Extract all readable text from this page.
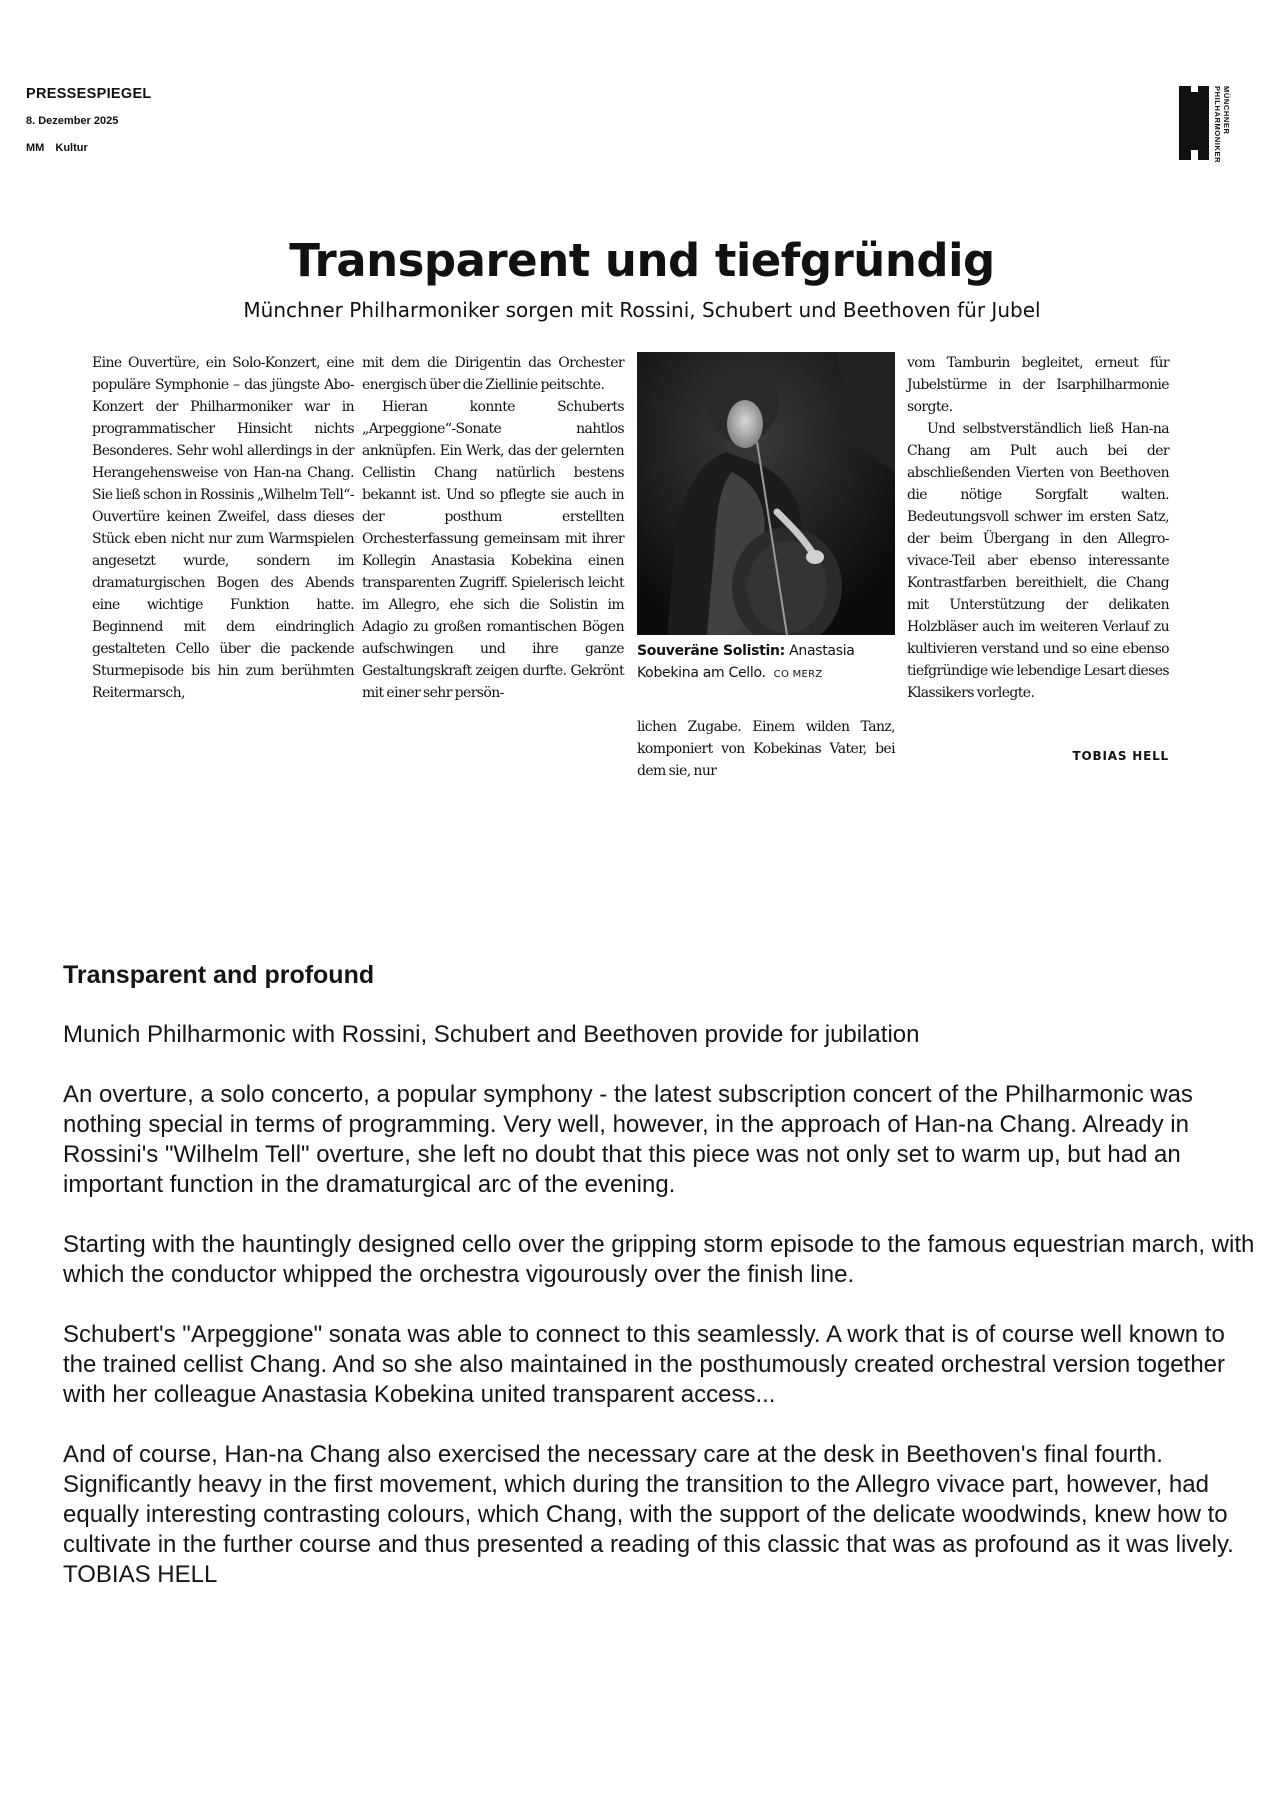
PRESSESPIEGEL
8. Dezember 2025
MM Kultur
MÜNCHNER
PHILHARMONIKER
Transparent und tiefgründig
Münchner Philharmoniker sorgen mit Rossini, Schubert und Beethoven für Jubel

Eine Ouvertüre, ein Solo-Konzert, eine populäre Symphonie – das jüngste Abo-Konzert der Philharmoniker war in programmatischer Hinsicht nichts Besonderes. Sehr wohl allerdings in der Herangehensweise von Han-na Chang. Sie ließ schon in Rossinis „Wilhelm Tell“-Ouvertüre keinen Zweifel, dass dieses Stück eben nicht nur zum Warmspielen angesetzt wurde, sondern im dramaturgischen Bogen des Abends eine wichtige Funktion hatte. Beginnend mit dem eindringlich gestalteten Cello über die packende Sturmepisode bis hin zum berühmten Reitermarsch,

mit dem die Dirigentin das Orchester energisch über die Ziellinie peitschte.

Hieran konnte Schuberts „Arpeggione“-Sonate nahtlos anknüpfen. Ein Werk, das der gelernten Cellistin Chang natürlich bestens bekannt ist. Und so pflegte sie auch in der posthum erstellten Orchesterfassung gemeinsam mit ihrer Kollegin Anastasia Kobekina einen transparenten Zugriff. Spielerisch leicht im Allegro, ehe sich die Solistin im Adagio zu großen romantischen Bögen aufschwingen und ihre ganze Gestaltungskraft zeigen durfte. Gekrönt mit einer sehr persön-

Souveräne Solistin: Anastasia Kobekina am Cello. CO MERZ

lichen Zugabe. Einem wilden Tanz, komponiert von Kobekinas Vater, bei dem sie, nur

vom Tamburin begleitet, erneut für Jubelstürme in der Isarphilharmonie sorgte.

Und selbstverständlich ließ Han-na Chang am Pult auch bei der abschließenden Vierten von Beethoven die nötige Sorgfalt walten. Bedeutungsvoll schwer im ersten Satz, der beim Übergang in den Allegro-vivace-Teil aber ebenso interessante Kontrastfarben bereithielt, die Chang mit Unterstützung der delikaten Holzbläser auch im weiteren Verlauf zu kultivieren verstand und so eine ebenso tiefgründige wie lebendige Lesart dieses Klassikers vorlegte.

TOBIAS HELL
Transparent and profound

Munich Philharmonic with Rossini, Schubert and Beethoven provide for jubilation

An overture, a solo concerto, a popular symphony - the latest subscription concert of the Philharmonic was nothing special in terms of programming. Very well, however, in the approach of Han-na Chang. Already in Rossini's "Wilhelm Tell" overture, she left no doubt that this piece was not only set to warm up, but had an important function in the dramaturgical arc of the evening.

Starting with the hauntingly designed cello over the gripping storm episode to the famous equestrian march, with which the conductor whipped the orchestra vigourously over the finish line.

Schubert's "Arpeggione" sonata was able to connect to this seamlessly. A work that is of course well known to the trained cellist Chang. And so she also maintained in the posthumously created orchestral version together with her colleague Anastasia Kobekina united transparent access...

And of course, Han-na Chang also exercised the necessary care at the desk in Beethoven's final fourth. Significantly heavy in the first movement, which during the transition to the Allegro vivace part, however, had equally interesting contrasting colours, which Chang, with the support of the delicate woodwinds, knew how to cultivate in the further course and thus presented a reading of this classic that was as profound as it was lively.

TOBIAS HELL
